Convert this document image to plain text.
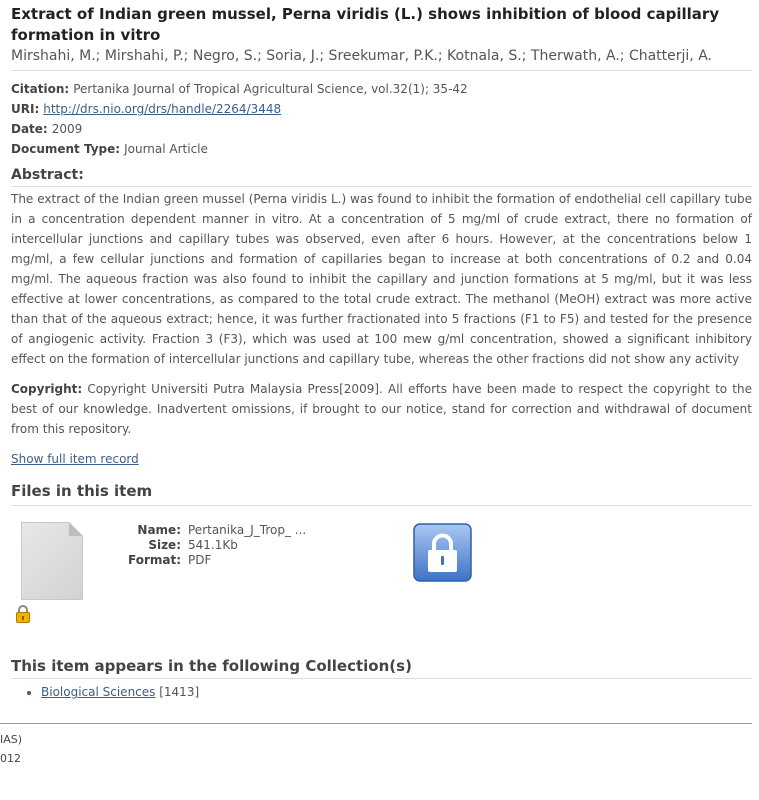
Extract of Indian green mussel, Perna viridis (L.) shows inhibition of blood capillary formation in vitro
Mirshahi, M.; Mirshahi, P.; Negro, S.; Soria, J.; Sreekumar, P.K.; Kotnala, S.; Therwath, A.; Chatterji, A.
Citation: Pertanika Journal of Tropical Agricultural Science, vol.32(1); 35-42
URI: http://drs.nio.org/drs/handle/2264/3448
Date: 2009
Document Type: Journal Article
Abstract:
The extract of the Indian green mussel (Perna viridis L.) was found to inhibit the formation of endothelial cell capillary tube in a concentration dependent manner in vitro. At a concentration of 5 mg/ml of crude extract, there no formation of intercellular junctions and capillary tubes was observed, even after 6 hours. However, at the concentrations below 1 mg/ml, a few cellular junctions and formation of capillaries began to increase at both concentrations of 0.2 and 0.04 mg/ml. The aqueous fraction was also found to inhibit the capillary and junction formations at 5 mg/ml, but it was less effective at lower concentrations, as compared to the total crude extract. The methanol (MeOH) extract was more active than that of the aqueous extract; hence, it was further fractionated into 5 fractions (F1 to F5) and tested for the presence of angiogenic activity. Fraction 3 (F3), which was used at 100 mew g/ml concentration, showed a significant inhibitory effect on the formation of intercellular junctions and capillary tube, whereas the other fractions did not show any activity
Copyright: Copyright Universiti Putra Malaysia Press[2009]. All efforts have been made to respect the copyright to the best of our knowledge. Inadvertent omissions, if brought to our notice, stand for correction and withdrawal of document from this repository.
Show full item record
Files in this item
Name: Pertanika_J_Trop_ ...
Size: 541.1Kb
Format: PDF
This item appears in the following Collection(s)
• Biological Sciences [1413]
IAS)
012
